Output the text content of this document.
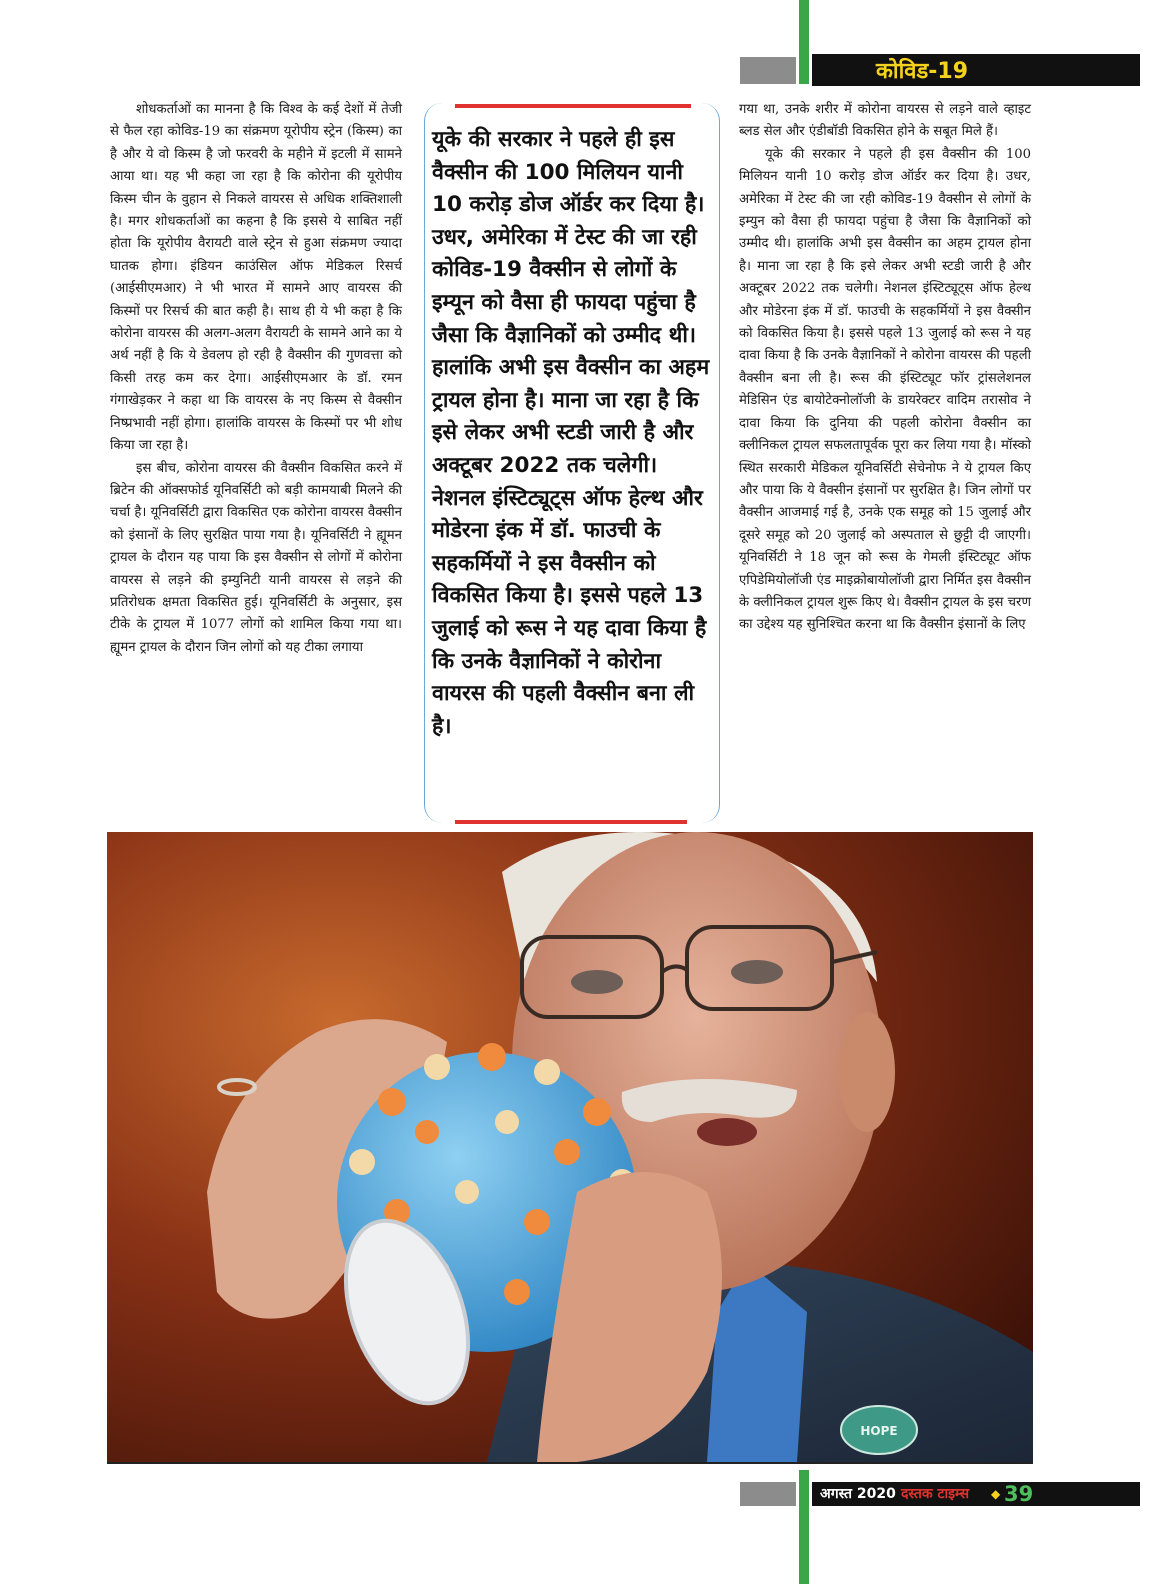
कोविड-19

शोधकर्ताओं का मानना है कि विश्व के कई देशों में तेजी से फैल रहा कोविड-19 का संक्रमण यूरोपीय स्ट्रेन (किस्म) का है और ये वो किस्म है जो फरवरी के महीने में इटली में सामने आया था। यह भी कहा जा रहा है कि कोरोना की यूरोपीय किस्म चीन के वुहान से निकले वायरस से अधिक शक्तिशाली है। मगर शोधकर्ताओं का कहना है कि इससे ये साबित नहीं होता कि यूरोपीय वैरायटी वाले स्ट्रेन से हुआ संक्रमण ज्यादा घातक होगा। इंडियन काउंसिल ऑफ मेडिकल रिसर्च (आईसीएमआर) ने भी भारत में सामने आए वायरस की किस्मों पर रिसर्च की बात कही है। साथ ही ये भी कहा है कि कोरोना वायरस की अलग-अलग वैरायटी के सामने आने का ये अर्थ नहीं है कि ये डेवलप हो रही है वैक्सीन की गुणवत्ता को किसी तरह कम कर देगा। आईसीएमआर के डॉ. रमन गंगाखेड़कर ने कहा था कि वायरस के नए किस्म से वैक्सीन निष्प्रभावी नहीं होगा। हालांकि वायरस के किस्मों पर भी शोध किया जा रहा है।

इस बीच, कोरोना वायरस की वैक्सीन विकसित करने में ब्रिटेन की ऑक्सफोर्ड यूनिवर्सिटी को बड़ी कामयाबी मिलने की चर्चा है। यूनिवर्सिटी द्वारा विकसित एक कोरोना वायरस वैक्सीन को इंसानों के लिए सुरक्षित पाया गया है। यूनिवर्सिटी ने ह्यूमन ट्रायल के दौरान यह पाया कि इस वैक्सीन से लोगों में कोरोना वायरस से लड़ने की इम्युनिटी यानी वायरस से लड़ने की प्रतिरोधक क्षमता विकसित हुई। यूनिवर्सिटी के अनुसार, इस टीके के ट्रायल में 1077 लोगों को शामिल किया गया था। ह्यूमन ट्रायल के दौरान जिन लोगों को यह टीका लगाया

यूके की सरकार ने पहले ही इस वैक्सीन की 100 मिलियन यानी 10 करोड़ डोज ऑर्डर कर दिया है। उधर, अमेरिका में टेस्ट की जा रही कोविड-19 वैक्सीन से लोगों के इम्यून को वैसा ही फायदा पहुंचा है जैसा कि वैज्ञानिकों को उम्मीद थी। हालांकि अभी इस वैक्सीन का अहम ट्रायल होना है। माना जा रहा है कि इसे लेकर अभी स्टडी जारी है और अक्टूबर 2022 तक चलेगी। नेशनल इंस्टिट्यूट्स ऑफ हेल्थ और मोडेरना इंक में डॉ. फाउची के सहकर्मियों ने इस वैक्सीन को विकसित किया है। इससे पहले 13 जुलाई को रूस ने यह दावा किया है कि उनके वैज्ञानिकों ने कोरोना वायरस की पहली वैक्सीन बना ली है।

गया था, उनके शरीर में कोरोना वायरस से लड़ने वाले व्हाइट ब्लड सेल और एंडीबॉडी विकसित होने के सबूत मिले हैं।

यूके की सरकार ने पहले ही इस वैक्सीन की 100 मिलियन यानी 10 करोड़ डोज ऑर्डर कर दिया है। उधर, अमेरिका में टेस्ट की जा रही कोविड-19 वैक्सीन से लोगों के इम्युन को वैसा ही फायदा पहुंचा है जैसा कि वैज्ञानिकों को उम्मीद थी। हालांकि अभी इस वैक्सीन का अहम ट्रायल होना है। माना जा रहा है कि इसे लेकर अभी स्टडी जारी है और अक्टूबर 2022 तक चलेगी। नेशनल इंस्टिट्यूट्स ऑफ हेल्थ और मोडेरना इंक में डॉ. फाउची के सहकर्मियों ने इस वैक्सीन को विकसित किया है। इससे पहले 13 जुलाई को रूस ने यह दावा किया है कि उनके वैज्ञानिकों ने कोरोना वायरस की पहली वैक्सीन बना ली है। रूस की इंस्टिट्यूट फॉर ट्रांसलेशनल मेडिसिन एंड बायोटेक्नोलॉजी के डायरेक्टर वादिम तरासोव ने दावा किया कि दुनिया की पहली कोरोना वैक्सीन का क्लीनिकल ट्रायल सफलतापूर्वक पूरा कर लिया गया है। मॉस्को स्थित सरकारी मेडिकल यूनिवर्सिटी सेचेनोफ ने ये ट्रायल किए और पाया कि ये वैक्सीन इंसानों पर सुरक्षित है। जिन लोगों पर वैक्सीन आजमाई गई है, उनके एक समूह को 15 जुलाई और दूसरे समूह को 20 जुलाई को अस्पताल से छुट्टी दी जाएगी। यूनिवर्सिटी ने 18 जून को रूस के गेमली इंस्टिट्यूट ऑफ एपिडेमियोलॉजी एंड माइक्रोबायोलॉजी द्वारा निर्मित इस वैक्सीन के क्लीनिकल ट्रायल शुरू किए थे। वैक्सीन ट्रायल के इस चरण का उद्देश्य यह सुनिश्चित करना था कि वैक्सीन इंसानों के लिए

HOPE
अगस्त 2020 दस्तक टाइम्स	◆ 39
